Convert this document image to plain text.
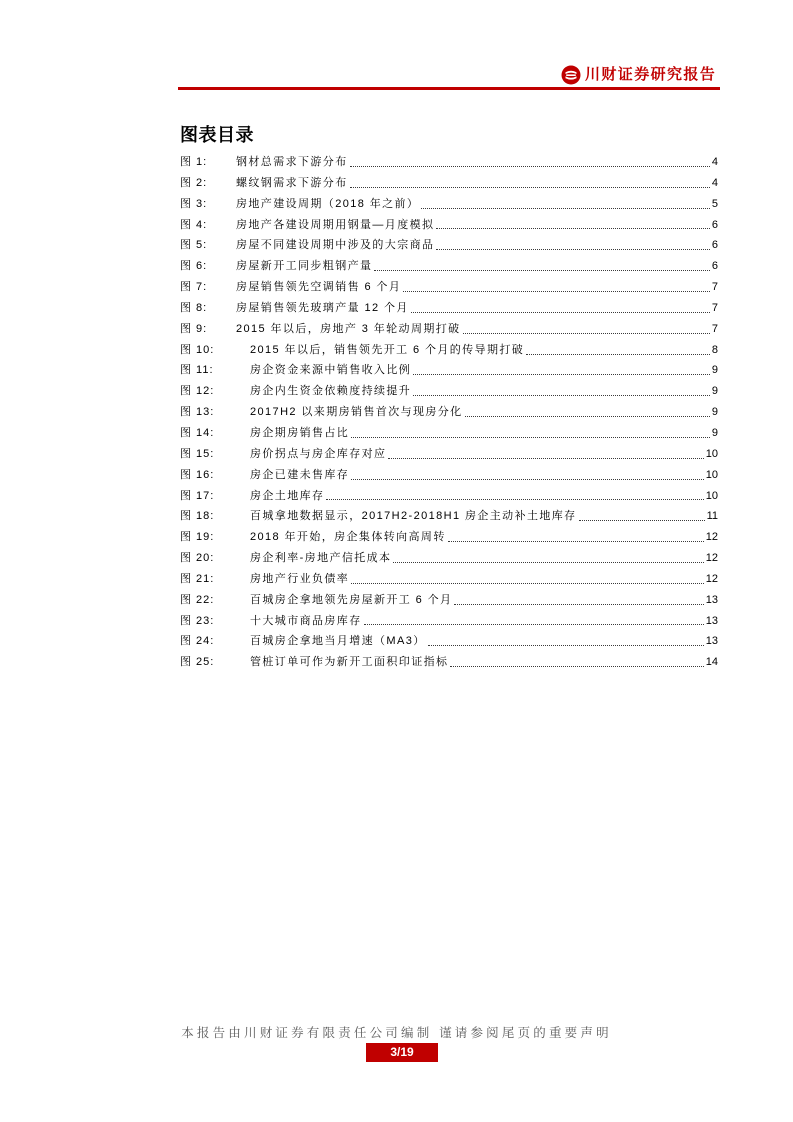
川财证券研究报告
图表目录
图 1:	钢材总需求下游分布	4
图 2:	螺纹钢需求下游分布	4
图 3:	房地产建设周期（2018 年之前）	5
图 4:	房地产各建设周期用钢量—月度模拟	6
图 5:	房屋不同建设周期中涉及的大宗商品	6
图 6:	房屋新开工同步粗钢产量	6
图 7:	房屋销售领先空调销售 6 个月	7
图 8:	房屋销售领先玻璃产量 12 个月	7
图 9:	2015 年以后，房地产 3 年轮动周期打破	7
图 10:	2015 年以后，销售领先开工 6 个月的传导期打破	8
图 11:	房企资金来源中销售收入比例	9
图 12:	房企内生资金依赖度持续提升	9
图 13:	2017H2 以来期房销售首次与现房分化	9
图 14:	房企期房销售占比	9
图 15:	房价拐点与房企库存对应	10
图 16:	房企已建未售库存	10
图 17:	房企土地库存	10
图 18:	百城拿地数据显示，2017H2-2018H1 房企主动补土地库存	11
图 19:	2018 年开始，房企集体转向高周转	12
图 20:	房企利率-房地产信托成本	12
图 21:	房地产行业负债率	12
图 22:	百城房企拿地领先房屋新开工 6 个月	13
图 23:	十大城市商品房库存	13
图 24:	百城房企拿地当月增速（MA3）	13
图 25:	管桩订单可作为新开工面积印证指标	14
本报告由川财证券有限责任公司编制 谨请参阅尾页的重要声明
3/19
